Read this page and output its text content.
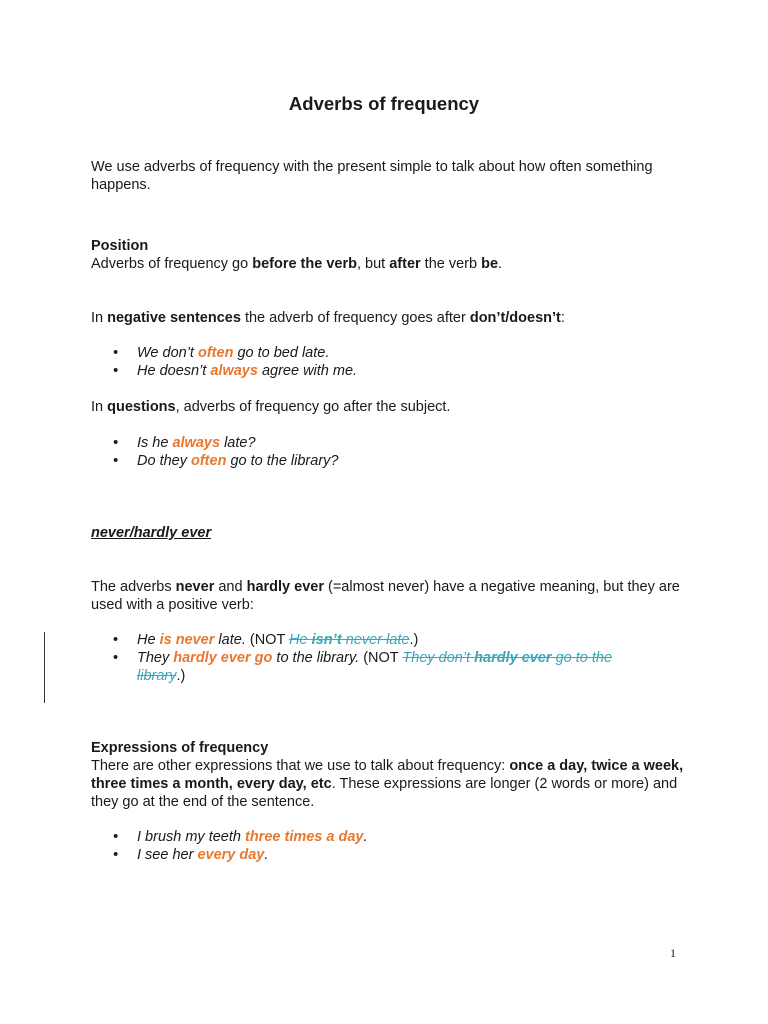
Adverbs of frequency

We use adverbs of frequency with the present simple to talk about how often something happens.

Position

Adverbs of frequency go before the verb, but after the verb be.

In negative sentences the adverb of frequency goes after don’t/doesn’t:

• We don’t often go to bed late.
• He doesn’t always agree with me.

In questions, adverbs of frequency go after the subject.

• Is he always late?
• Do they often go to the library?

never/hardly ever

The adverbs never and hardly ever (=almost never) have a negative meaning, but they are used with a positive verb:

• He is never late. (NOT He isn’t never late.)
• They hardly ever go to the library. (NOT They don’t hardly ever go to the library.)

Expressions of frequency

There are other expressions that we use to talk about frequency: once a day, twice a week, three times a month, every day, etc. These expressions are longer (2 words or more) and they go at the end of the sentence.

• I brush my teeth three times a day.
• I see her every day.
1
